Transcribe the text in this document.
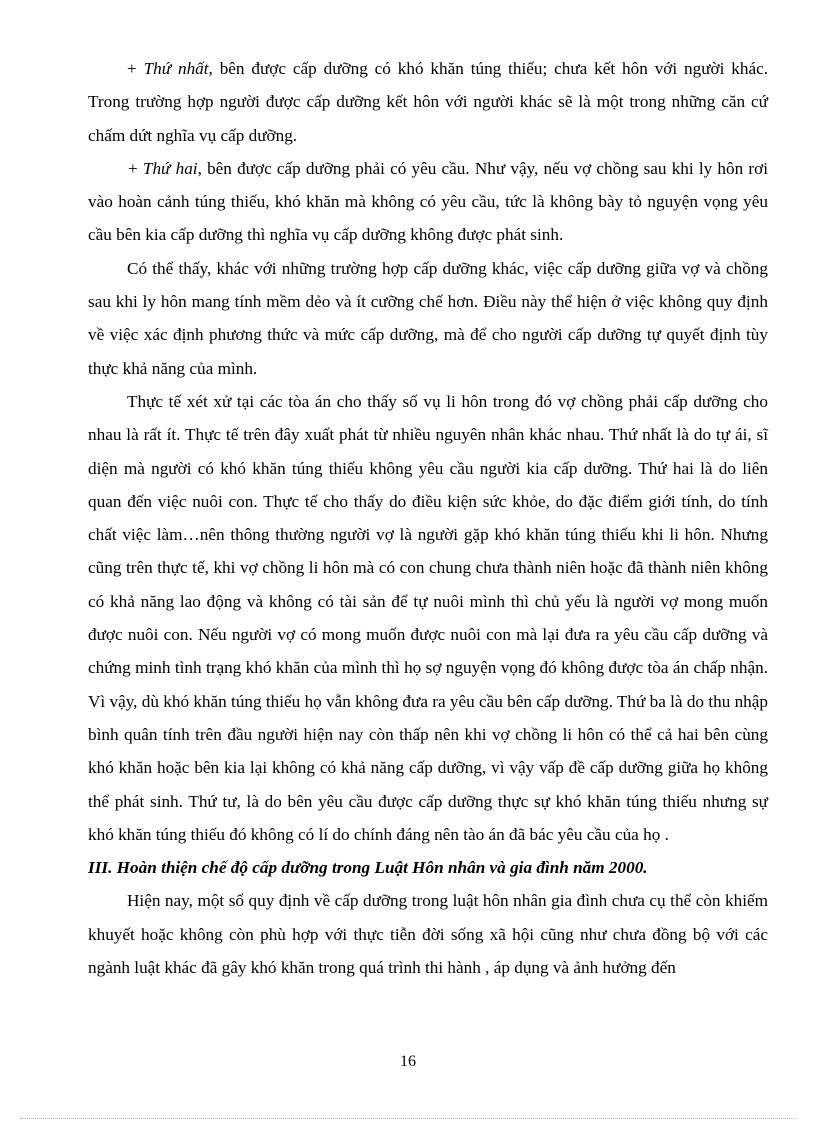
+ Thứ nhất, bên được cấp dưỡng có khó khăn túng thiếu; chưa kết hôn với người khác. Trong trường hợp người được cấp dưỡng kết hôn với người khác sẽ là một trong những căn cứ chấm dứt nghĩa vụ cấp dưỡng.

+ Thứ hai, bên được cấp dưỡng phải có yêu cầu. Như vậy, nếu vợ chồng sau khi ly hôn rơi vào hoàn cảnh túng thiếu, khó khăn mà không có yêu cầu, tức là không bày tỏ nguyện vọng yêu cầu bên kia cấp dưỡng thì nghĩa vụ cấp dưỡng không được phát sinh.

Có thể thấy, khác với những trường hợp cấp dưỡng khác, việc cấp dưỡng giữa vợ và chồng sau khi ly hôn mang tính mềm dẻo và ít cưỡng chế hơn. Điều này thể hiện ở việc không quy định về việc xác định phương thức và mức cấp dưỡng, mà để cho người cấp dưỡng tự quyết định tùy thực khả năng của mình.

Thực tế xét xử tại các tòa án cho thấy số vụ li hôn trong đó vợ chồng phải cấp dưỡng cho nhau là rất ít. Thực tế trên đây xuất phát từ nhiều nguyên nhân khác nhau. Thứ nhất là do tự ái, sĩ diện mà người có khó khăn túng thiếu không yêu cầu người kia cấp dưỡng. Thứ hai là do liên quan đến việc nuôi con. Thực tế cho thấy do điều kiện sức khỏe, do đặc điểm giới tính, do tính chất việc làm…nên thông thường người vợ là người gặp khó khăn túng thiếu khi li hôn. Nhưng cũng trên thực tế, khi vợ chồng li hôn mà có con chung chưa thành niên hoặc đã thành niên không có khả năng lao động và không có tài sản để tự nuôi mình thì chủ yếu là người vợ mong muốn được nuôi con. Nếu người vợ có mong muốn được nuôi con mà lại đưa ra yêu cầu cấp dưỡng và chứng minh tình trạng khó khăn của mình thì họ sợ nguyện vọng đó không được tòa án chấp nhận. Vì vậy, dù khó khăn túng thiếu họ vẫn không đưa ra yêu cầu bên cấp dưỡng. Thứ ba là do thu nhập bình quân tính trên đầu người hiện nay còn thấp nên khi vợ chồng li hôn có thể cả hai bên cùng khó khăn hoặc bên kia lại không có khả năng cấp dưỡng, vì vậy vấp đề cấp dưỡng giữa họ không thể phát sinh. Thứ tư, là do bên yêu cầu được cấp dưỡng thực sự khó khăn túng thiếu nhưng sự khó khăn túng thiếu đó không có lí do chính đáng nên tào án đã bác yêu cầu của họ .

III. Hoàn thiện chế độ cấp dưỡng trong Luật Hôn nhân và gia đình năm 2000.

Hiện nay, một số quy định về cấp dưỡng trong luật hôn nhân gia đình chưa cụ thể còn khiếm khuyết hoặc không còn phù hợp với thực tiễn đời sống xã hội cũng như chưa đồng bộ với các ngành luật khác đã gây khó khăn trong quá trình thi hành , áp dụng và ảnh hưởng đến

16
